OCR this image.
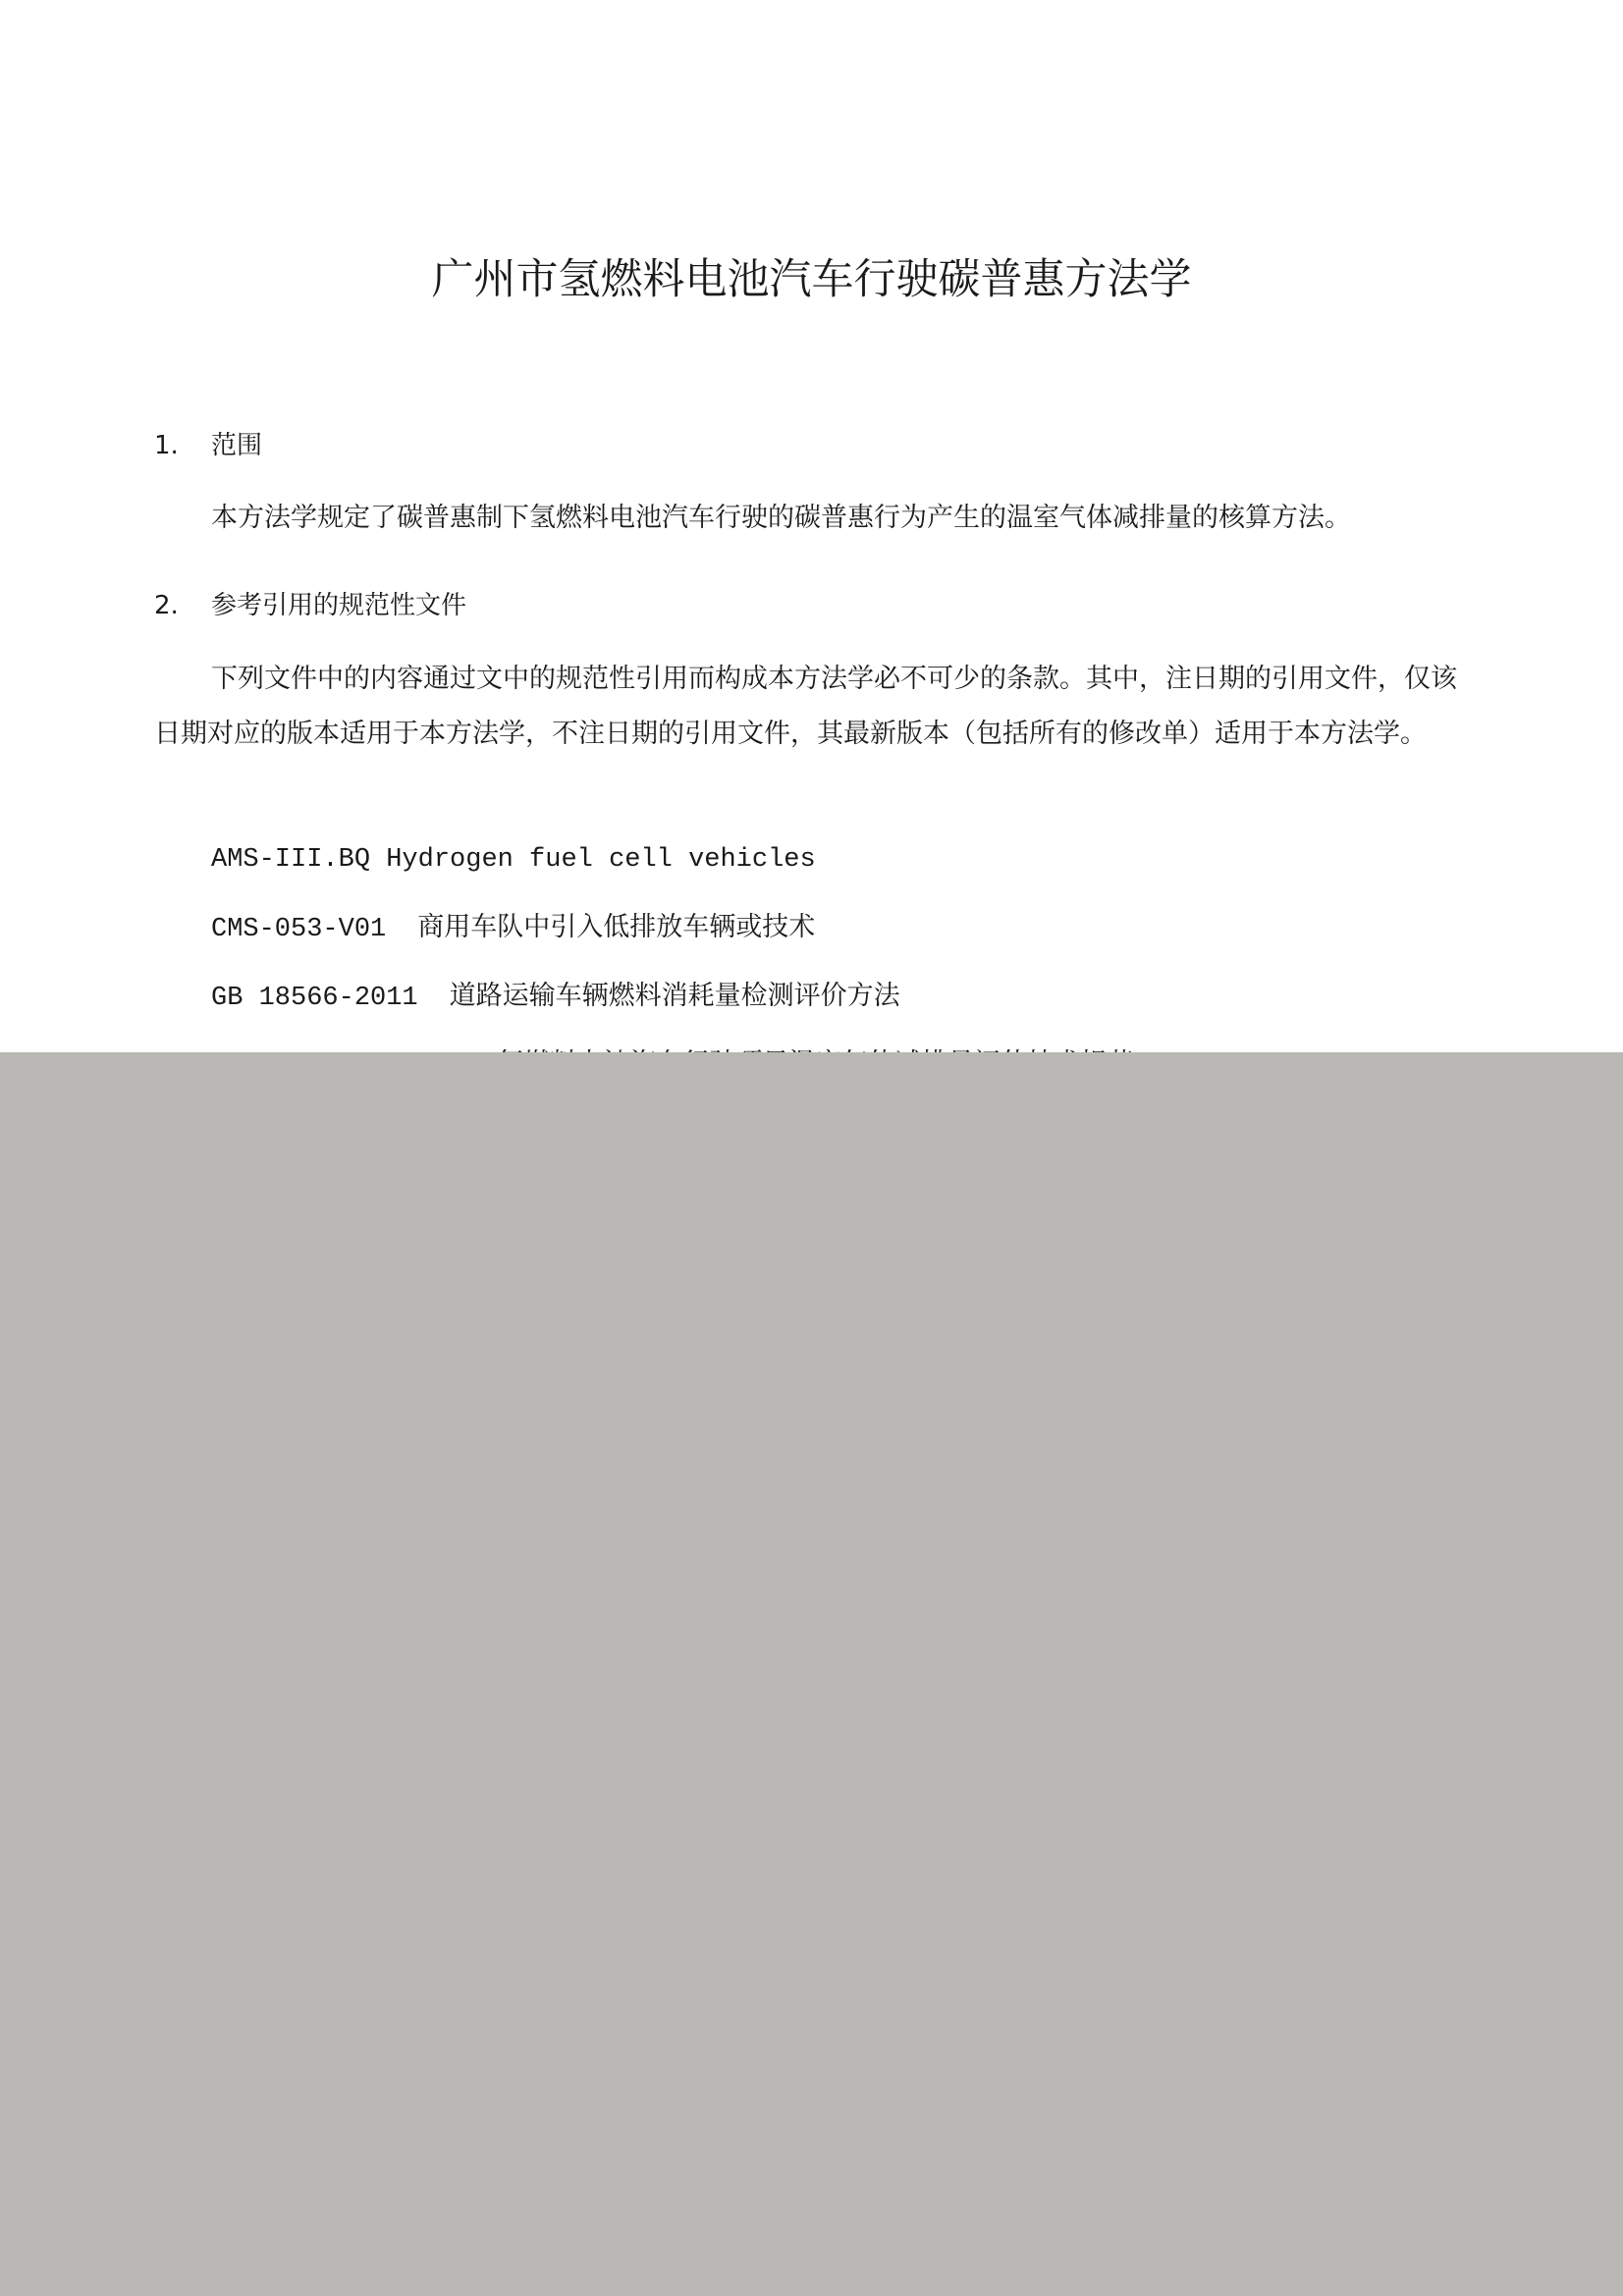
广州市氢燃料电池汽车行驶碳普惠方法学
1. 范围

本方法学规定了碳普惠制下氢燃料电池汽车行驶的碳普惠行为产生的温室气体减排量的核算方法。

2. 参考引用的规范性文件

下列文件中的内容通过文中的规范性引用而构成本方法学必不可少的条款。其中，注日期的引用文件，仅该日期对应的版本适用于本方法学，不注日期的引用文件，其最新版本（包括所有的修改单）适用于本方法学。

AMS-III.BQ Hydrogen fuel cell vehicles

CMS-053-V01 商用车队中引入低排放车辆或技术

GB 18566-2011 道路运输车辆燃料消耗量检测评价方法
